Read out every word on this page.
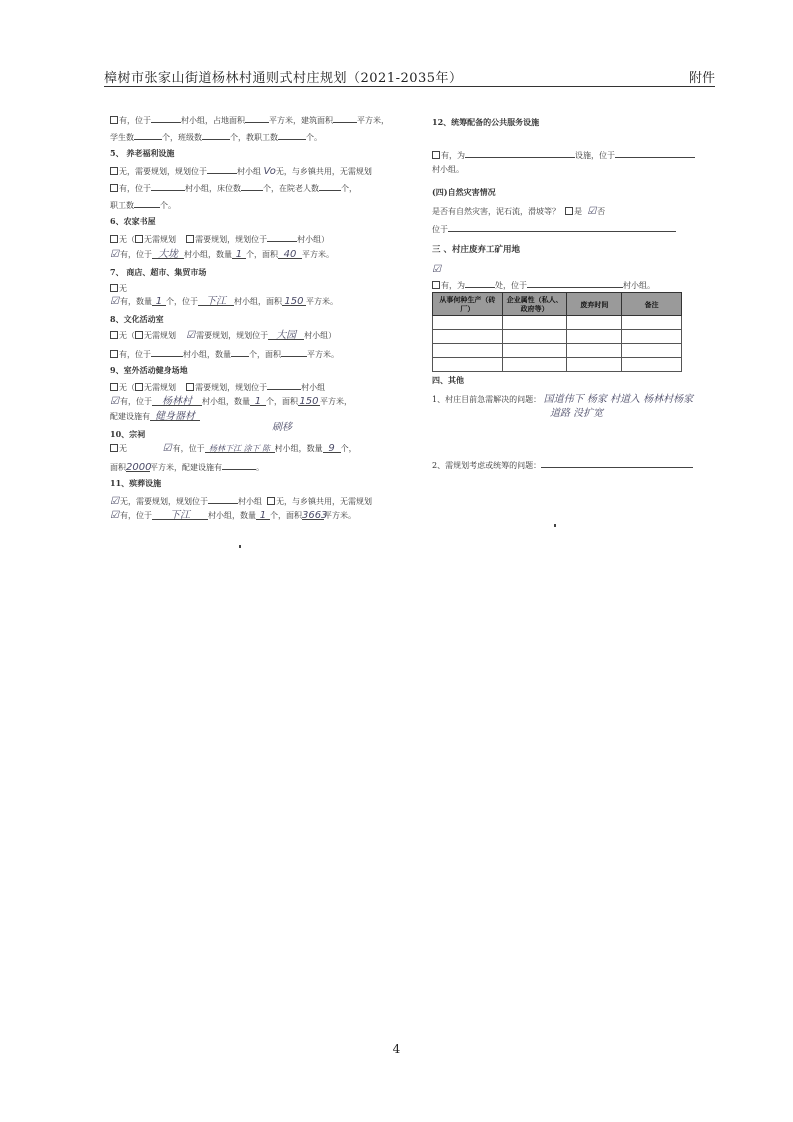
樟树市张家山街道杨林村通则式村庄规划（2021-2035年）	附件
有，位于	村小组，占地面积	平方米，建筑面积	平方米，
学生数	个，班级数	个，教职工数	个。
5、 养老福利设施
无，需要规划，规划位于	村小组 Vo无，与乡镇共用，无需规划
有，位于	村小组，床位数	个，在院老人数	个，
职工数	个。
6、农家书屋
无（ 无需规划 需要规划，规划位于	村小组）
☑有，位于 大垅 村小组，数量 1 个，面积 40 平方米。
7、 商店、超市、集贸市场
无
☑有，数量 1 个，位于 下江 村小组，面积 150 平方米。
8、文化活动室
无（ 无需规划 ☑需要规划，规划位于 大园 村小组）
有，位于	村小组，数量 个，面积	平方米。
9、室外活动健身场地
无（ 无需规划 需要规划，规划位于	村小组
☑有，位于 杨林村 村小组，数量 1 个，面积150平方米，
配建设施有 健身器材
10、宗祠
刷移
无	☑有，位于 杨林下江 涂下 陈 村小组，数量 9 个，
面积2000平方米，配建设施有	。
11、殡葬设施
☑无，需要规划，规划位于	村小组 无，与乡镇共用，无需规划
☑有，位于 下江 村小组，数量 1 个，面积3663平方米。
12、统筹配备的公共服务设施
有，为	设施，位于
村小组。
(四)自然灾害情况
是否有自然灾害，泥石流，滑坡等？ 是 ☑否
位于
三 、村庄废弃工矿用地
☑
有，为	处，位于	村小组。
四、其他
1、村庄目前急需解决的问题： 国道伟下 杨家 村道入 杨林村杨家
道路 没扩宽
2、需规划考虑或统筹的问题：
从事何种生产（砖厂）	企业属性（私人、政府等）	废弃时间	备注

4
